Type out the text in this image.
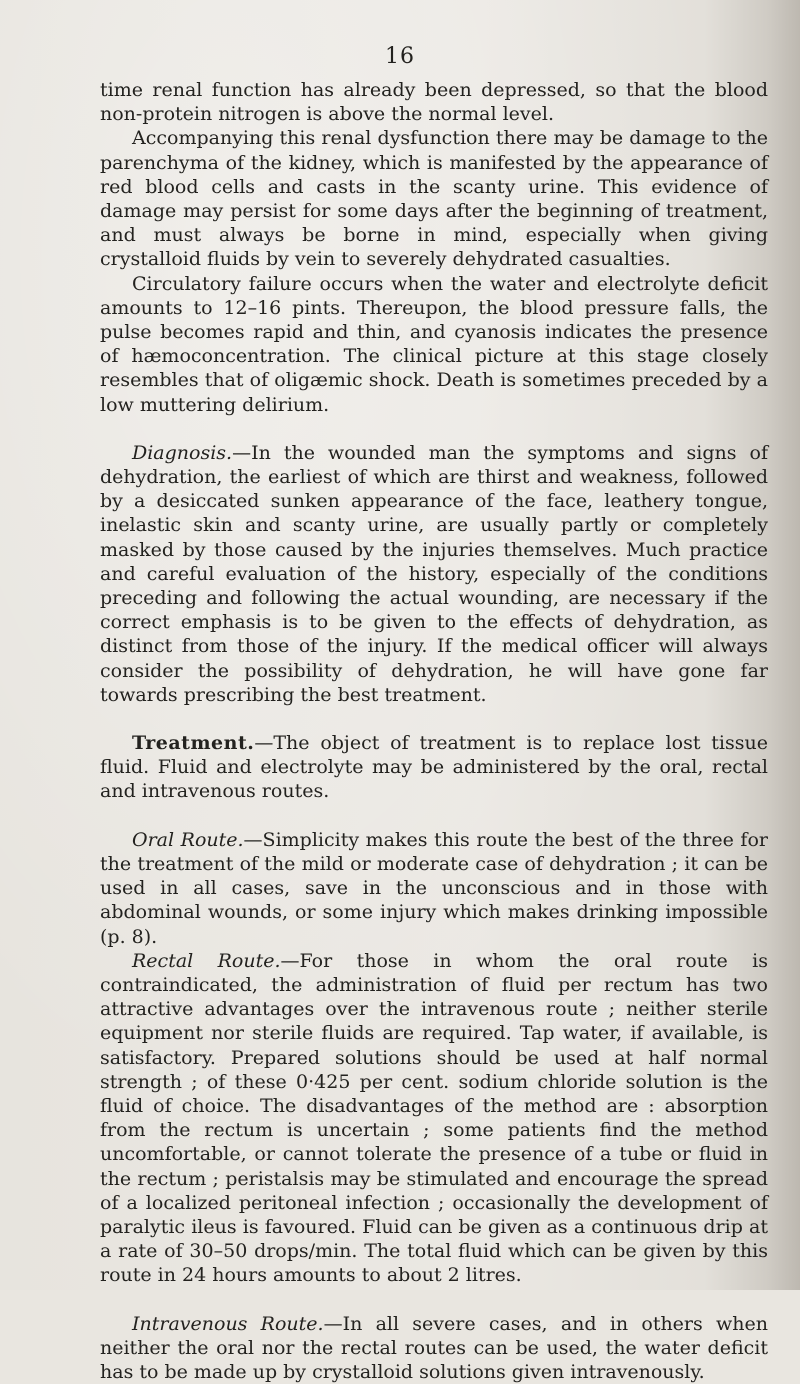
16

time renal function has already been depressed, so that the blood non-protein nitrogen is above the normal level.

Accompanying this renal dysfunction there may be damage to the parenchyma of the kidney, which is manifested by the appearance of red blood cells and casts in the scanty urine. This evidence of damage may persist for some days after the beginning of treatment, and must always be borne in mind, especially when giving crystalloid fluids by vein to severely dehydrated casualties.

Circulatory failure occurs when the water and electrolyte deficit amounts to 12–16 pints. Thereupon, the blood pressure falls, the pulse becomes rapid and thin, and cyanosis indicates the presence of hæmoconcentration. The clinical picture at this stage closely resembles that of oligæmic shock. Death is sometimes preceded by a low muttering delirium.

Diagnosis.—In the wounded man the symptoms and signs of dehydration, the earliest of which are thirst and weakness, followed by a desiccated sunken appearance of the face, leathery tongue, inelastic skin and scanty urine, are usually partly or completely masked by those caused by the injuries themselves. Much practice and careful evaluation of the history, especially of the conditions preceding and following the actual wounding, are necessary if the correct emphasis is to be given to the effects of dehydration, as distinct from those of the injury. If the medical officer will always consider the possibility of dehydration, he will have gone far towards prescribing the best treatment.

Treatment.—The object of treatment is to replace lost tissue fluid. Fluid and electrolyte may be administered by the oral, rectal and intravenous routes.

Oral Route.—Simplicity makes this route the best of the three for the treatment of the mild or moderate case of dehydration ; it can be used in all cases, save in the unconscious and in those with abdominal wounds, or some injury which makes drinking impossible (p. 8).

Rectal Route.—For those in whom the oral route is contraindicated, the administration of fluid per rectum has two attractive advantages over the intravenous route ; neither sterile equipment nor sterile fluids are required. Tap water, if available, is satisfactory. Prepared solutions should be used at half normal strength ; of these 0·425 per cent. sodium chloride solution is the fluid of choice. The disadvantages of the method are : absorption from the rectum is uncertain ; some patients find the method uncomfortable, or cannot tolerate the presence of a tube or fluid in the rectum ; peristalsis may be stimulated and encourage the spread of a localized peritoneal infection ; occasionally the development of paralytic ileus is favoured. Fluid can be given as a continuous drip at a rate of 30–50 drops/min. The total fluid which can be given by this route in 24 hours amounts to about 2 litres.

Intravenous Route.—In all severe cases, and in others when neither the oral nor the rectal routes can be used, the water deficit has to be made up by crystalloid solutions given intravenously.
